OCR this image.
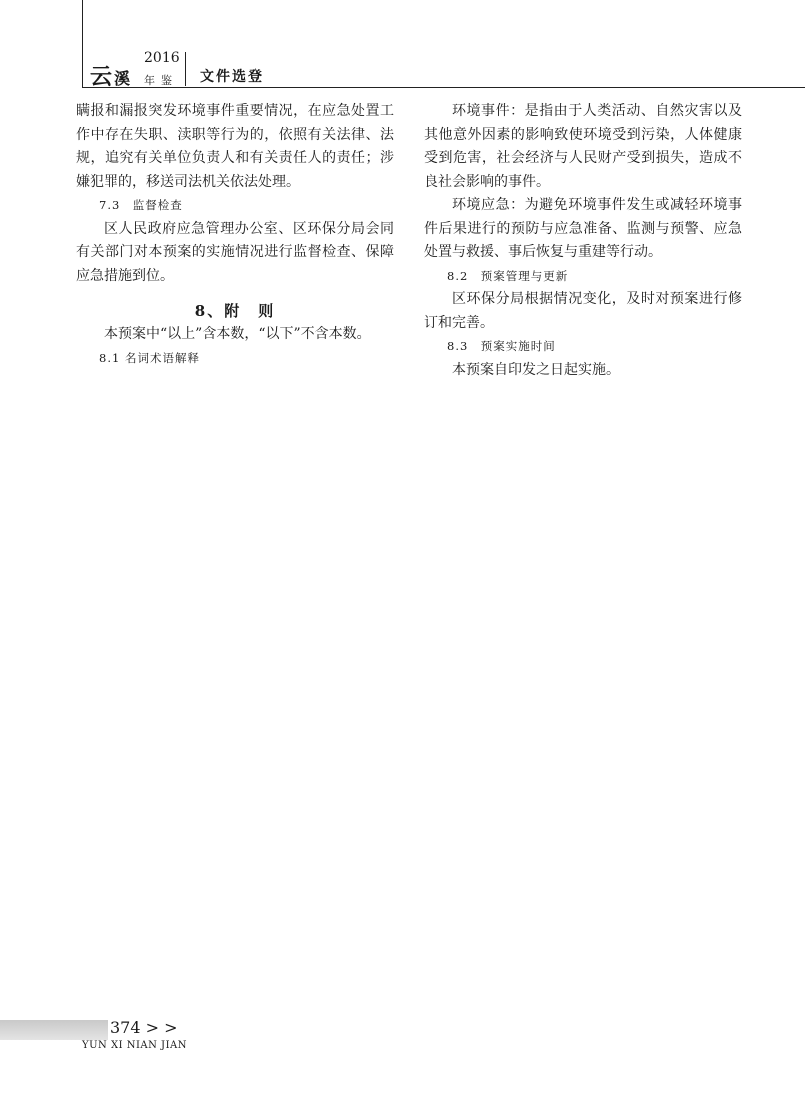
云溪
2016
年鉴 文件选登

瞒报和漏报突发环境事件重要情况，在应急处置工作中存在失职、渎职等行为的，依照有关法律、法规，追究有关单位负责人和有关责任人的责任；涉嫌犯罪的，移送司法机关依法处理。

7.3　监督检查

区人民政府应急管理办公室、区环保分局会同有关部门对本预案的实施情况进行监督检查、保障应急措施到位。

8、附　则

本预案中“以上”含本数，“以下”不含本数。

8.1 名词术语解释

环境事件：是指由于人类活动、自然灾害以及其他意外因素的影响致使环境受到污染，人体健康受到危害，社会经济与人民财产受到损失，造成不良社会影响的事件。

环境应急：为避免环境事件发生或减轻环境事件后果进行的预防与应急准备、监测与预警、应急处置与救援、事后恢复与重建等行动。

8.2　预案管理与更新

区环保分局根据情况变化，及时对预案进行修订和完善。

8.3　预案实施时间

本预案自印发之日起实施。

374 > >
YUN XI NIAN JIAN
